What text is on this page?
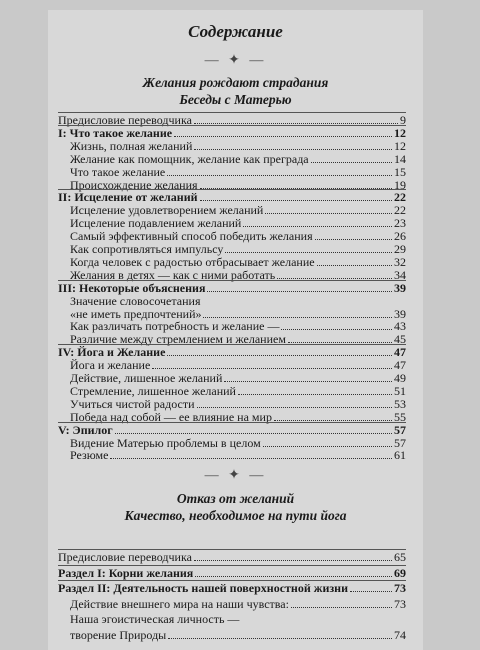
Содержание
— ✦ —
Желания рождают страдания
Беседы с Матерью
Предисловие переводчика	9
I: Что такое желание	12
Жизнь, полная желаний	12
Желание как помощник, желание как преграда	14
Что такое желание	15
Происхождение желания	19
II: Исцеление от желаний	22
Исцеление удовлетворением желаний	22
Исцеление подавлением желаний	23
Самый эффективный способ победить желания	26
Как сопротивляться импульсу	29
Когда человек с радостью отбрасывает желание	32
Желания в детях — как с ними работать	34
III: Некоторые объяснения	39
Значение словосочетания
«не иметь предпочтений»	39
Как различать потребность и желание —	43
Различие между стремлением и желанием	45
IV: Йога и Желание	47
Йога и желание	47
Действие, лишенное желаний	49
Стремление, лишенное желаний	51
Учиться чистой радости	53
Победа над собой — ее влияние на мир	55
V: Эпилог	57
Видение Матерью проблемы в целом	57
Резюме	61
— ✦ —
Отказ от желаний
Качество, необходимое на пути йога
Предисловие переводчика	65
Раздел I: Корни желания	69
Раздел II: Деятельность нашей поверхностной жизни	73
Действие внешнего мира на наши чувства:	73
Наша эгоистическая личность —
творение Природы	74
